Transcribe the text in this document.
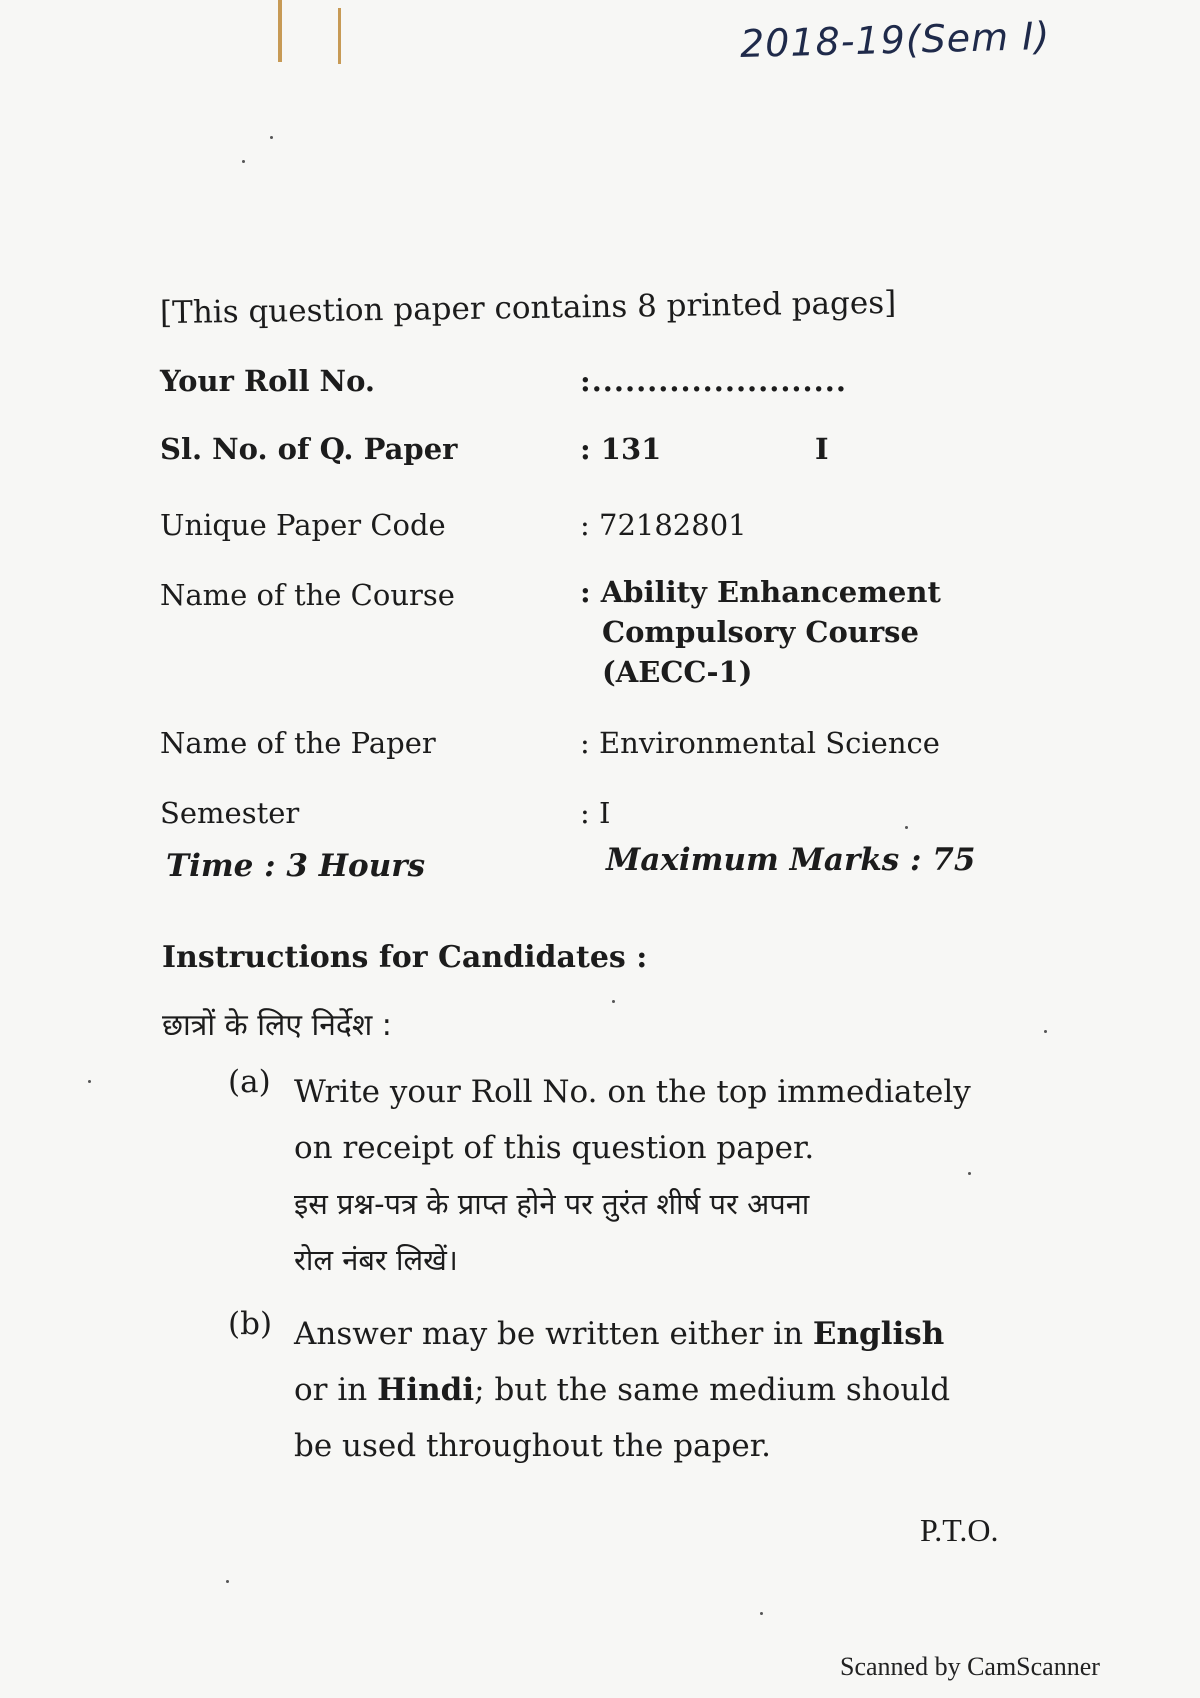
2018-19(Sem I)
[This question paper contains 8 printed pages]
Your Roll No.	:.......................
Sl. No. of Q. Paper	: 131	I
Unique Paper Code	: 72182801
Name of the Course	: Ability Enhancement
Compulsory Course
(AECC-1)
Name of the Paper	: Environmental Science
Semester	: I
Time : 3 Hours	Maximum Marks : 75
Instructions for Candidates :
छात्रों के लिए निर्देश :
(a) Write your Roll No. on the top immediately
on receipt of this question paper.
इस प्रश्न-पत्र के प्राप्त होने पर तुरंत शीर्ष पर अपना
रोल नंबर लिखें।
(b) Answer may be written either in English
or in Hindi; but the same medium should
be used throughout the paper.
P.T.O.
Scanned by CamScanner
